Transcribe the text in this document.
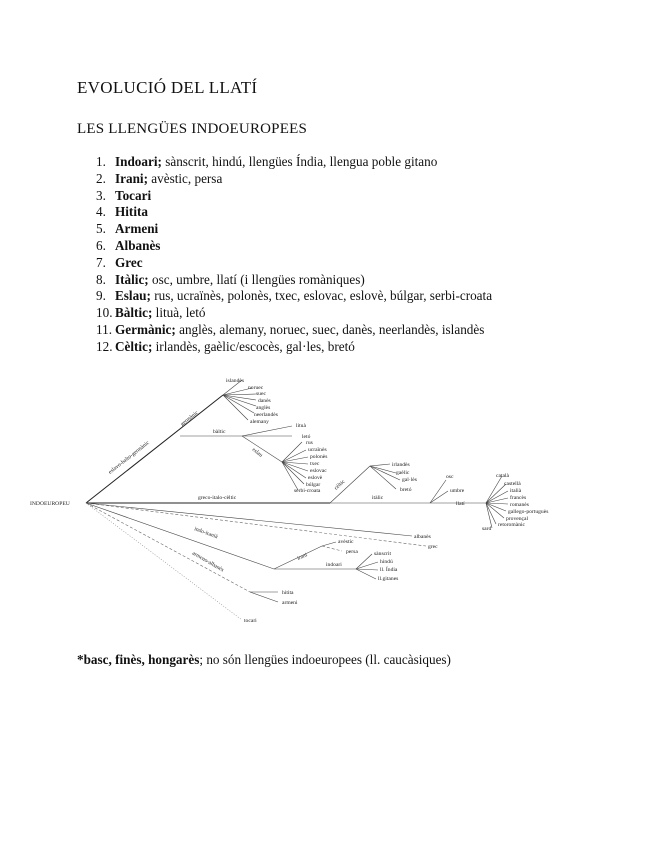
EVOLUCIÓ DEL LLATÍ
LES LLENGÜES INDOEUROPEES
1. Indoari; sànscrit, hindú, llengües Índia, llengua poble gitano
2. Irani; avèstic, persa
3. Tocari
4. Hitita
5. Armeni
6. Albanès
7. Grec
8. Itàlic; osc, umbre, llatí (i llengües romàniques)
9. Eslau; rus, ucraïnès, polonès, txec, eslovac, eslovè, búlgar, serbi-croata
10. Bàltic; lituà, letó
11. Germànic; anglès, alemany, noruec, suec, danès, neerlandès, islandès
12. Cèltic; irlandès, gaèlic/escocès, gal·les, bretó
INDOEUROPEU
eslavo-balto-germànic
germànic
bàltic
lituà
letó
eslau
islandès
noruec
suec
danès
anglès
neerlandès
alemany
rus
ucraïnès
polonès
txec
eslovac
eslovè
búlgar
serbi-croata
greco-italo-cèltic
cèltic
irlandès
gaèlic
gal·lès
bretó
itàlic
osc
umbre
llatí
català
castellà
italià
francès
romanès
gallego-portuguès
provençal
sard
retoromànic
albanès
grec
indo-iranià
irani
avèstic
persa
indoari
sànscrit
hindú
ll. Índia
ll.gitanes
armeno-albanès
hitita
armeni
tocari

*basc, finès, hongarès; no són llengües indoeuropees (ll. caucàsiques)
